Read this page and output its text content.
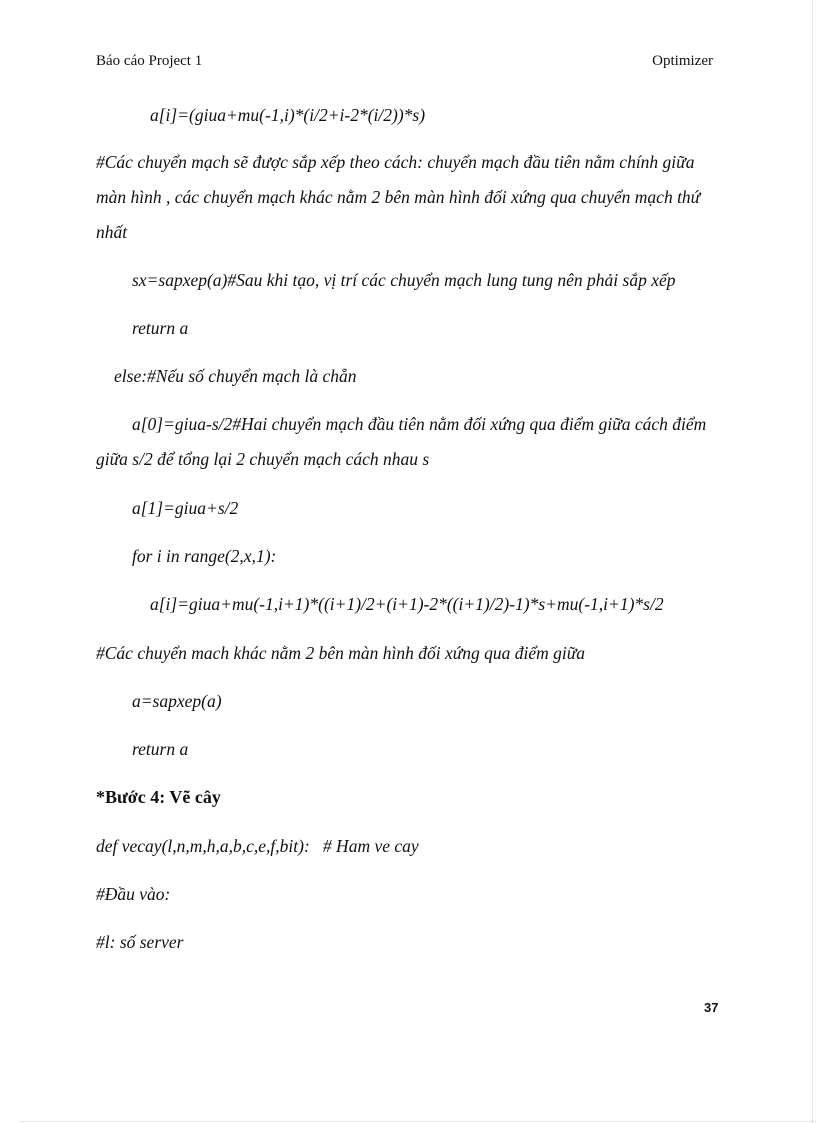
Báo cáo Project 1	Optimizer
a[i]=(giua+mu(-1,i)*(i/2+i-2*(i/2))*s)
#Các chuyển mạch sẽ được sắp xếp theo cách: chuyển mạch đầu tiên nằm chính giữa màn hình , các chuyển mạch khác nằm 2 bên màn hình đối xứng qua chuyển mạch thứ nhất
sx=sapxep(a)#Sau khi tạo, vị trí các chuyển mạch lung tung nên phải sắp xếp
return a
else:#Nếu số chuyển mạch là chẵn
a[0]=giua-s/2#Hai chuyển mạch đầu tiên nằm đối xứng qua điểm giữa cách điểm giữa s/2 để tổng lại 2 chuyển mạch cách nhau s
a[1]=giua+s/2
for i in range(2,x,1):
a[i]=giua+mu(-1,i+1)*((i+1)/2+(i+1)-2*((i+1)/2)-1)*s+mu(-1,i+1)*s/2
#Các chuyển mach khác nằm 2 bên màn hình đối xứng qua điểm giữa
a=sapxep(a)
return a
*Bước 4: Vẽ cây
def vecay(l,n,m,h,a,b,c,e,f,bit):   # Ham ve cay
#Đầu vào:
#l: số server
37
